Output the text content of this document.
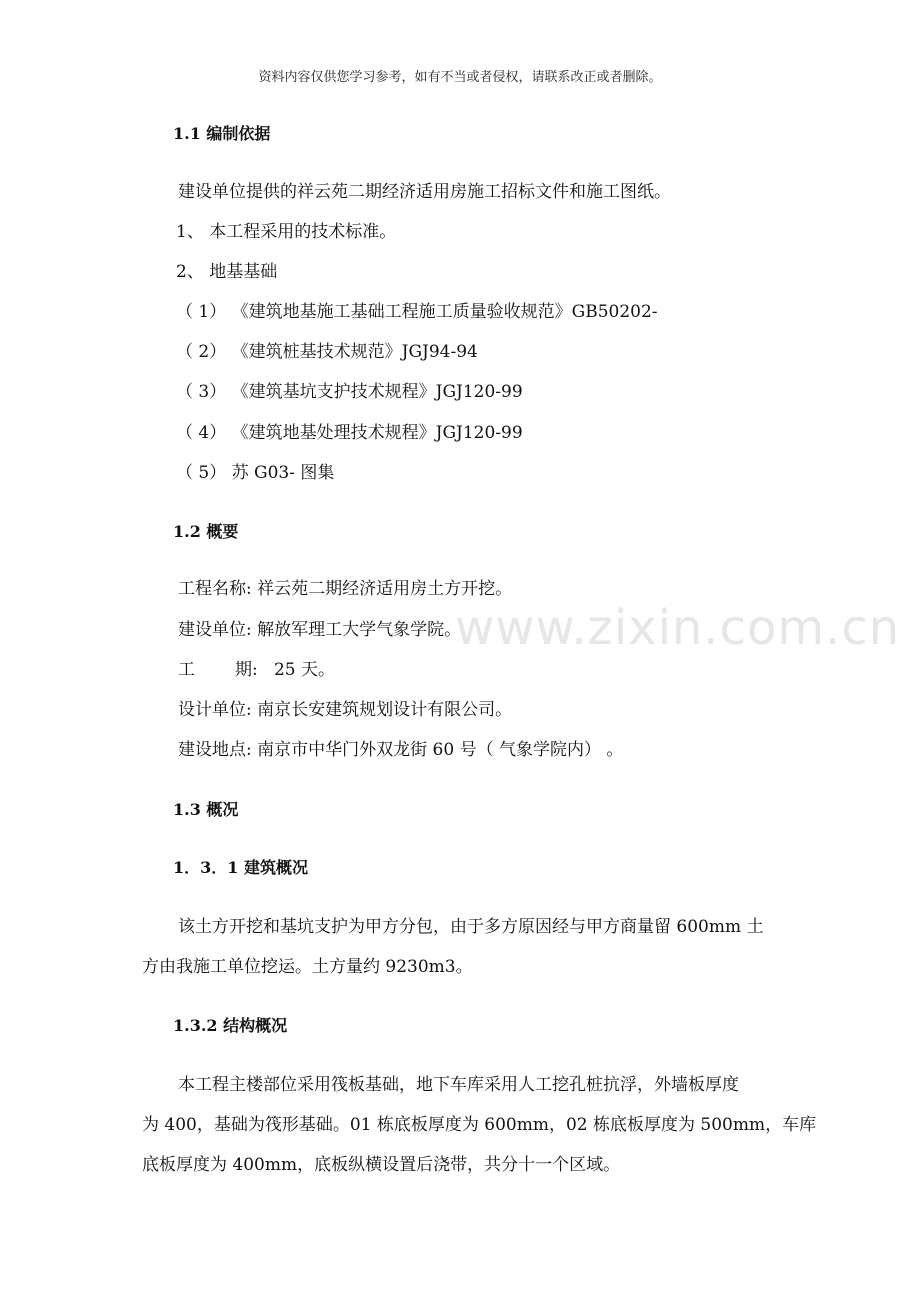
www.zixin.com.cn
资料内容仅供您学习参考，如有不当或者侵权，请联系改正或者删除。
1.1 编制依据
建设单位提供的祥云苑二期经济适用房施工招标文件和施工图纸。
1、 本工程采用的技术标准。
2、 地基基础
（ 1） 《建筑地基施工基础工程施工质量验收规范》GB50202-
（ 2） 《建筑桩基技术规范》JGJ94-94
（ 3） 《建筑基坑支护技术规程》JGJ120-99
（ 4） 《建筑地基处理技术规程》JGJ120-99
（ 5） 苏 G03- 图集
1.2 概要
工程名称: 祥云苑二期经济适用房土方开挖。
建设单位: 解放军理工大学气象学院。
工 期: 25 天。
设计单位: 南京长安建筑规划设计有限公司。
建设地点: 南京市中华门外双龙街 60 号（ 气象学院内） 。
1.3 概况
1．3．1 建筑概况
该土方开挖和基坑支护为甲方分包，由于多方原因经与甲方商量留 600mm 土
方由我施工单位挖运。土方量约 9230m3。
1.3.2 结构概况
本工程主楼部位采用筏板基础，地下车库采用人工挖孔桩抗浮，外墙板厚度
为 400，基础为筏形基础。01 栋底板厚度为 600mm，02 栋底板厚度为 500mm，车库
底板厚度为 400mm，底板纵横设置后浇带，共分十一个区域。
